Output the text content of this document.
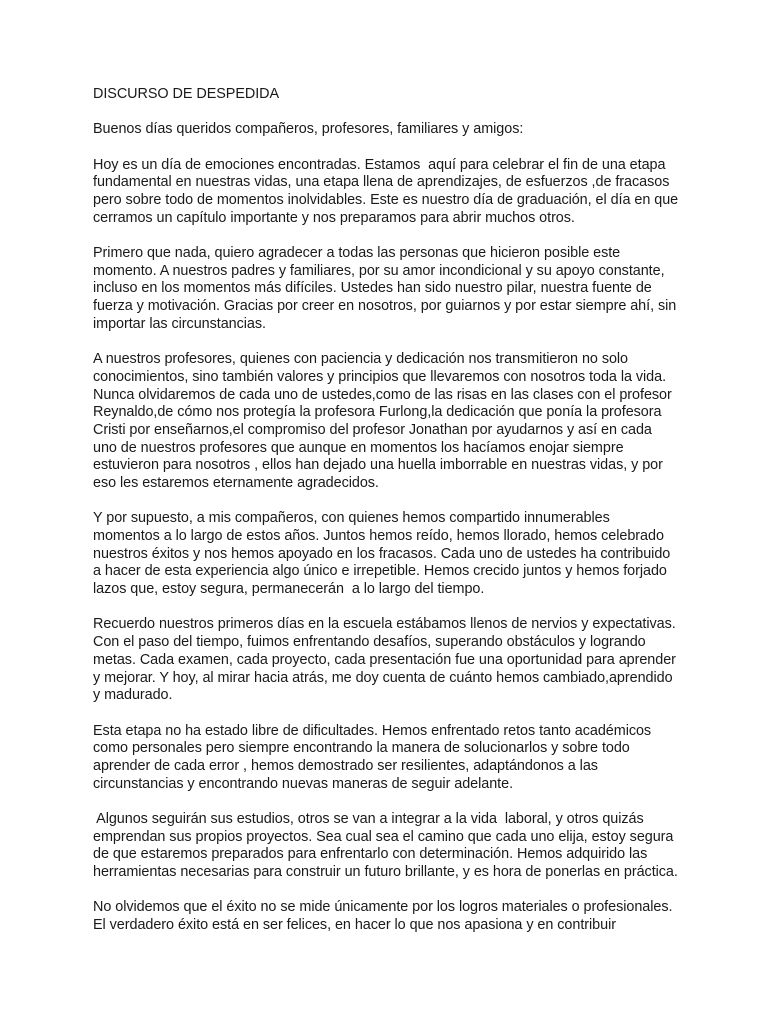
DISCURSO DE DESPEDIDA

Buenos días queridos compañeros, profesores, familiares y amigos:

Hoy es un día de emociones encontradas. Estamos  aquí para celebrar el fin de una etapa
fundamental en nuestras vidas, una etapa llena de aprendizajes, de esfuerzos ,de fracasos
pero sobre todo de momentos inolvidables. Este es nuestro día de graduación, el día en que
cerramos un capítulo importante y nos preparamos para abrir muchos otros.

Primero que nada, quiero agradecer a todas las personas que hicieron posible este
momento. A nuestros padres y familiares, por su amor incondicional y su apoyo constante,
incluso en los momentos más difíciles. Ustedes han sido nuestro pilar, nuestra fuente de
fuerza y motivación. Gracias por creer en nosotros, por guiarnos y por estar siempre ahí, sin
importar las circunstancias.

A nuestros profesores, quienes con paciencia y dedicación nos transmitieron no solo
conocimientos, sino también valores y principios que llevaremos con nosotros toda la vida.
Nunca olvidaremos de cada uno de ustedes,como de las risas en las clases con el profesor
Reynaldo,de cómo nos protegía la profesora Furlong,la dedicación que ponía la profesora
Cristi por enseñarnos,el compromiso del profesor Jonathan por ayudarnos y así en cada
uno de nuestros profesores que aunque en momentos los hacíamos enojar siempre
estuvieron para nosotros , ellos han dejado una huella imborrable en nuestras vidas, y por
eso les estaremos eternamente agradecidos.

Y por supuesto, a mis compañeros, con quienes hemos compartido innumerables
momentos a lo largo de estos años. Juntos hemos reído, hemos llorado, hemos celebrado
nuestros éxitos y nos hemos apoyado en los fracasos. Cada uno de ustedes ha contribuido
a hacer de esta experiencia algo único e irrepetible. Hemos crecido juntos y hemos forjado
lazos que, estoy segura, permanecerán  a lo largo del tiempo.

Recuerdo nuestros primeros días en la escuela estábamos llenos de nervios y expectativas.
Con el paso del tiempo, fuimos enfrentando desafíos, superando obstáculos y logrando
metas. Cada examen, cada proyecto, cada presentación fue una oportunidad para aprender
y mejorar. Y hoy, al mirar hacia atrás, me doy cuenta de cuánto hemos cambiado,aprendido
y madurado.

Esta etapa no ha estado libre de dificultades. Hemos enfrentado retos tanto académicos
como personales pero siempre encontrando la manera de solucionarlos y sobre todo
aprender de cada error , hemos demostrado ser resilientes, adaptándonos a las
circunstancias y encontrando nuevas maneras de seguir adelante.

Algunos seguirán sus estudios, otros se van a integrar a la vida  laboral, y otros quizás
emprendan sus propios proyectos. Sea cual sea el camino que cada uno elija, estoy segura
de que estaremos preparados para enfrentarlo con determinación. Hemos adquirido las
herramientas necesarias para construir un futuro brillante, y es hora de ponerlas en práctica.

No olvidemos que el éxito no se mide únicamente por los logros materiales o profesionales.
El verdadero éxito está en ser felices, en hacer lo que nos apasiona y en contribuir
